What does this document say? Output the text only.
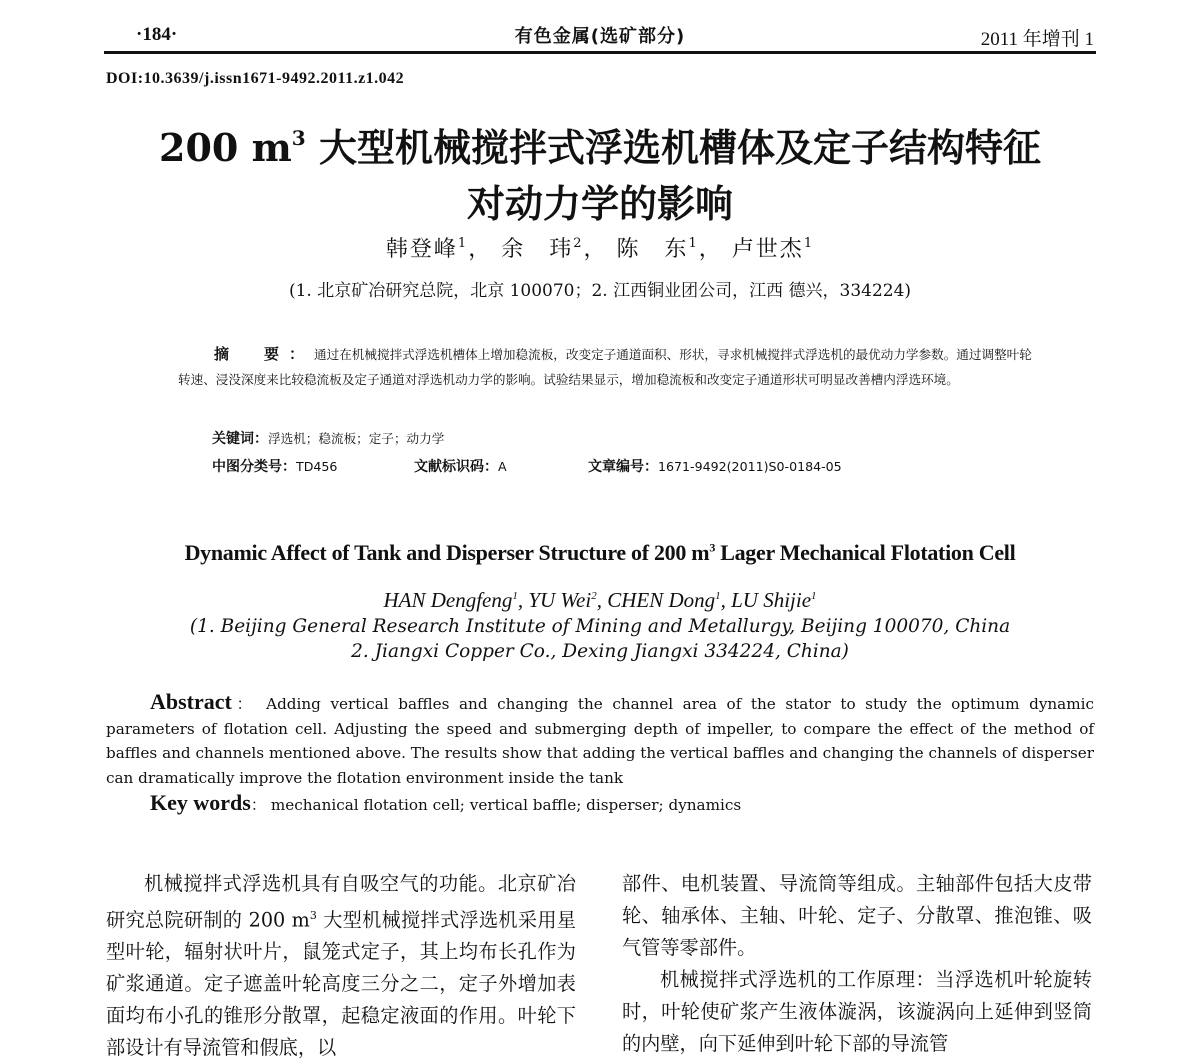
·184·	有色金属(选矿部分)	2011 年增刊 1
DOI:10.3639/j.issn1671-9492.2011.z1.042
200 $m^3$ 大型机械搅拌式浮选机槽体及定子结构特征
对动力学的影响
韩登峰$^1$， 余　玮$^2$， 陈　东$^1$， 卢世杰$^1$
(1. 北京矿冶研究总院，北京 100070；2. 江西铜业团公司，江西 德兴，334224)
摘　要：通过在机械搅拌式浮选机槽体上增加稳流板，改变定子通道面积、形状，寻求机械搅拌式浮选机的最优动力学参数。通过调整叶轮转速、浸没深度来比较稳流板及定子通道对浮选机动力学的影响。试验结果显示，增加稳流板和改变定子通道形状可明显改善槽内浮选环境。
关键词：浮选机；稳流板；定子；动力学
中图分类号：TD456	文献标识码：A	文章编号：1671-9492(2011)S0-0184-05
Dynamic Affect of Tank and Disperser Structure of 200 $m^3$ Lager Mechanical Flotation Cell
HAN Dengfeng$^1$, YU Wei$^2$, CHEN Dong$^1$, LU Shijie$^1$
(1. Beijing General Research Institute of Mining and Metallurgy, Beijing 100070, China
2. Jiangxi Copper Co., Dexing Jiangxi 334224, China)
Abstract： Adding vertical baffles and changing the channel area of the stator to study the optimum dynamic parameters of flotation cell. Adjusting the speed and submerging depth of impeller, to compare the effect of the method of baffles and channels mentioned above. The results show that adding the vertical baffles and changing the channels of disperser can dramatically improve the flotation environment inside the tank
Key words： mechanical flotation cell; vertical baffle; disperser; dynamics

机械搅拌式浮选机具有自吸空气的功能。北京矿冶研究总院研制的 200 $m^3$ 大型机械搅拌式浮选机采用星型叶轮，辐射状叶片，鼠笼式定子，其上均布长孔作为矿浆通道。定子遮盖叶轮高度三分之二，定子外增加表面均布小孔的锥形分散罩，起稳定液面的作用。叶轮下部设计有导流管和假底，以

部件、电机装置、导流筒等组成。主轴部件包括大皮带轮、轴承体、主轴、叶轮、定子、分散罩、推泡锥、吸气管等零部件。

机械搅拌式浮选机的工作原理：当浮选机叶轮旋转时，叶轮使矿浆产生液体漩涡，该漩涡向上延伸到竖筒的内壁，向下延伸到叶轮下部的导流管
